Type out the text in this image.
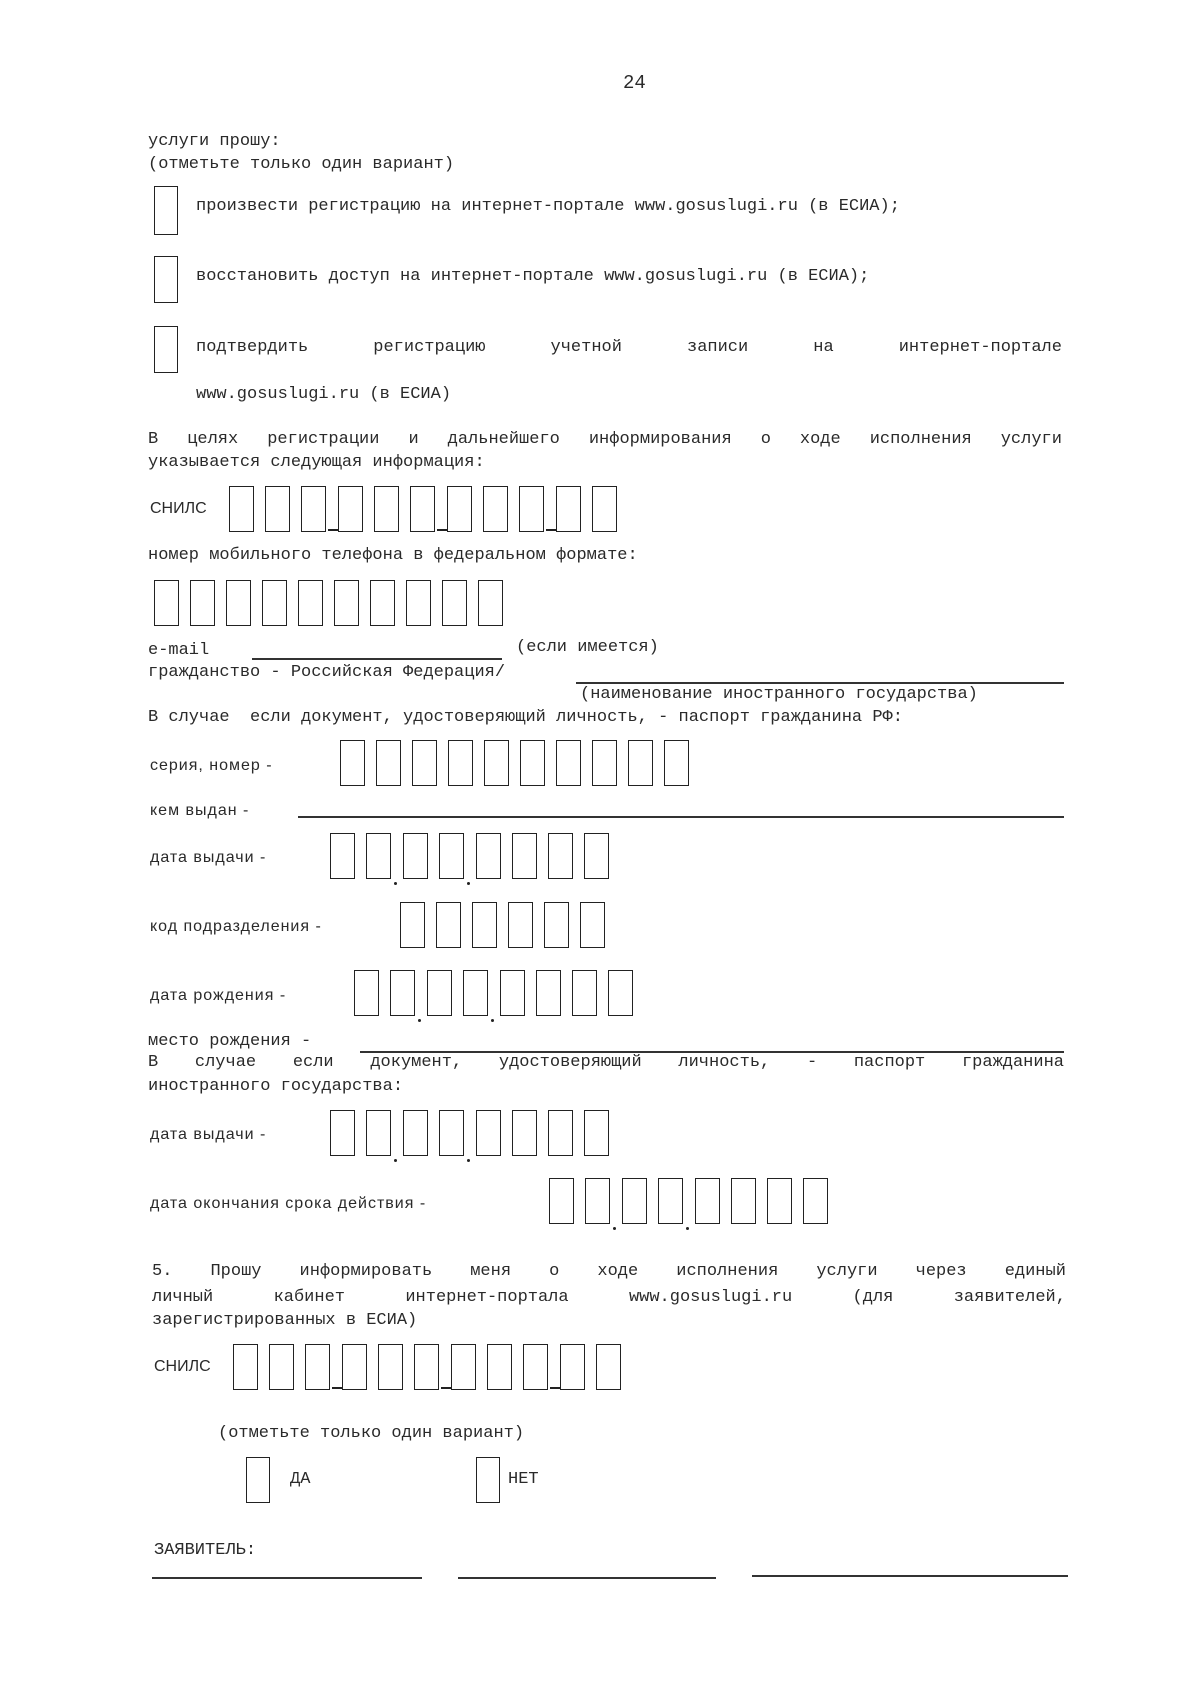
24
услуги прошу:
(отметьте только один вариант)
произвести регистрацию на интернет-портале www.gosuslugi.ru (в ЕСИА);
восстановить доступ на интернет-портале www.gosuslugi.ru (в ЕСИА);
подтвердить	регистрацию	учетной	записи	на	интернет-портале
www.gosuslugi.ru (в ЕСИА)
В целях регистрации и дальнейшего информирования о ходе исполнения услуги
указывается следующая информация:
СНИЛС
номер мобильного телефона в федеральном формате:
e-mail	(если имеется)
гражданство - Российская Федерация/
(наименование иностранного государства)
В случае  если документ, удостоверяющий личность, - паспорт гражданина РФ:
серия, номер -
кем выдан -
дата выдачи -
код подразделения -
дата рождения -
место рождения -
В случае если документ, удостоверяющий личность, - паспорт гражданина
иностранного государства:
дата выдачи -
дата окончания срока действия -
5. Прошу информировать меня о ходе исполнения услуги через единый
личный	кабинет	интернет-портала	www.gosuslugi.ru	(для	заявителей,
зарегистрированных в ЕСИА)
СНИЛС
(отметьте только один вариант)
ДА	НЕТ
ЗАЯВИТЕЛЬ:
